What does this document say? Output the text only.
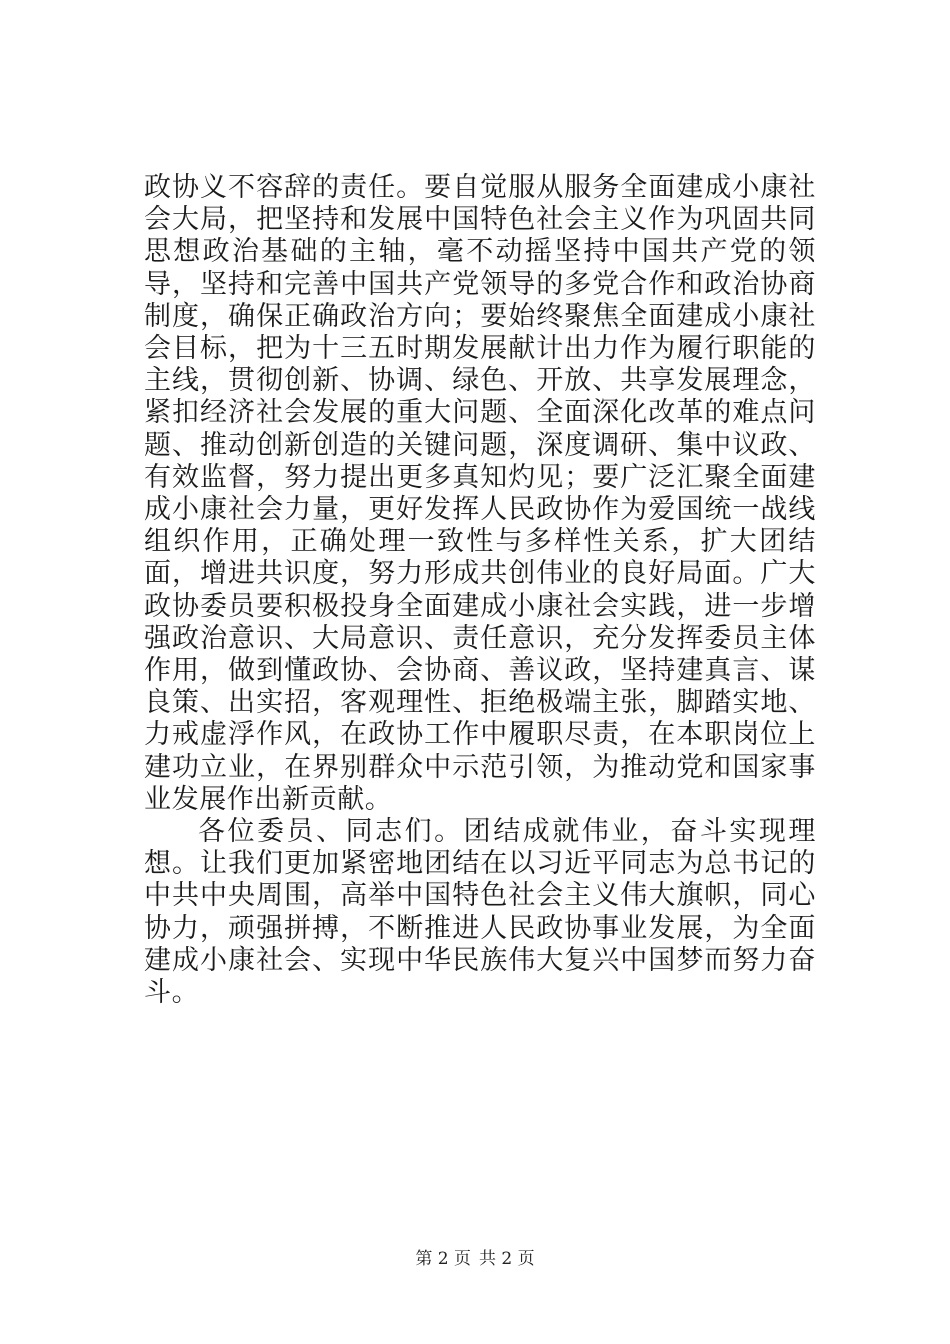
政协义不容辞的责任。要自觉服从服务全面建成小康社会大局，把坚持和发展中国特色社会主义作为巩固共同思想政治基础的主轴，毫不动摇坚持中国共产党的领导，坚持和完善中国共产党领导的多党合作和政治协商制度，确保正确政治方向；要始终聚焦全面建成小康社会目标，把为十三五时期发展献计出力作为履行职能的主线，贯彻创新、协调、绿色、开放、共享发展理念，紧扣经济社会发展的重大问题、全面深化改革的难点问题、推动创新创造的关键问题，深度调研、集中议政、有效监督，努力提出更多真知灼见；要广泛汇聚全面建成小康社会力量，更好发挥人民政协作为爱国统一战线组织作用，正确处理一致性与多样性关系，扩大团结面，增进共识度，努力形成共创伟业的良好局面。广大政协委员要积极投身全面建成小康社会实践，进一步增强政治意识、大局意识、责任意识，充分发挥委员主体作用，做到懂政协、会协商、善议政，坚持建真言、谋良策、出实招，客观理性、拒绝极端主张，脚踏实地、力戒虚浮作风，在政协工作中履职尽责，在本职岗位上建功立业，在界别群众中示范引领，为推动党和国家事业发展作出新贡献。

各位委员、同志们。团结成就伟业，奋斗实现理想。让我们更加紧密地团结在以习近平同志为总书记的中共中央周围，高举中国特色社会主义伟大旗帜，同心协力，顽强拼搏，不断推进人民政协事业发展，为全面建成小康社会、实现中华民族伟大复兴中国梦而努力奋斗。

第 2 页 共 2 页
